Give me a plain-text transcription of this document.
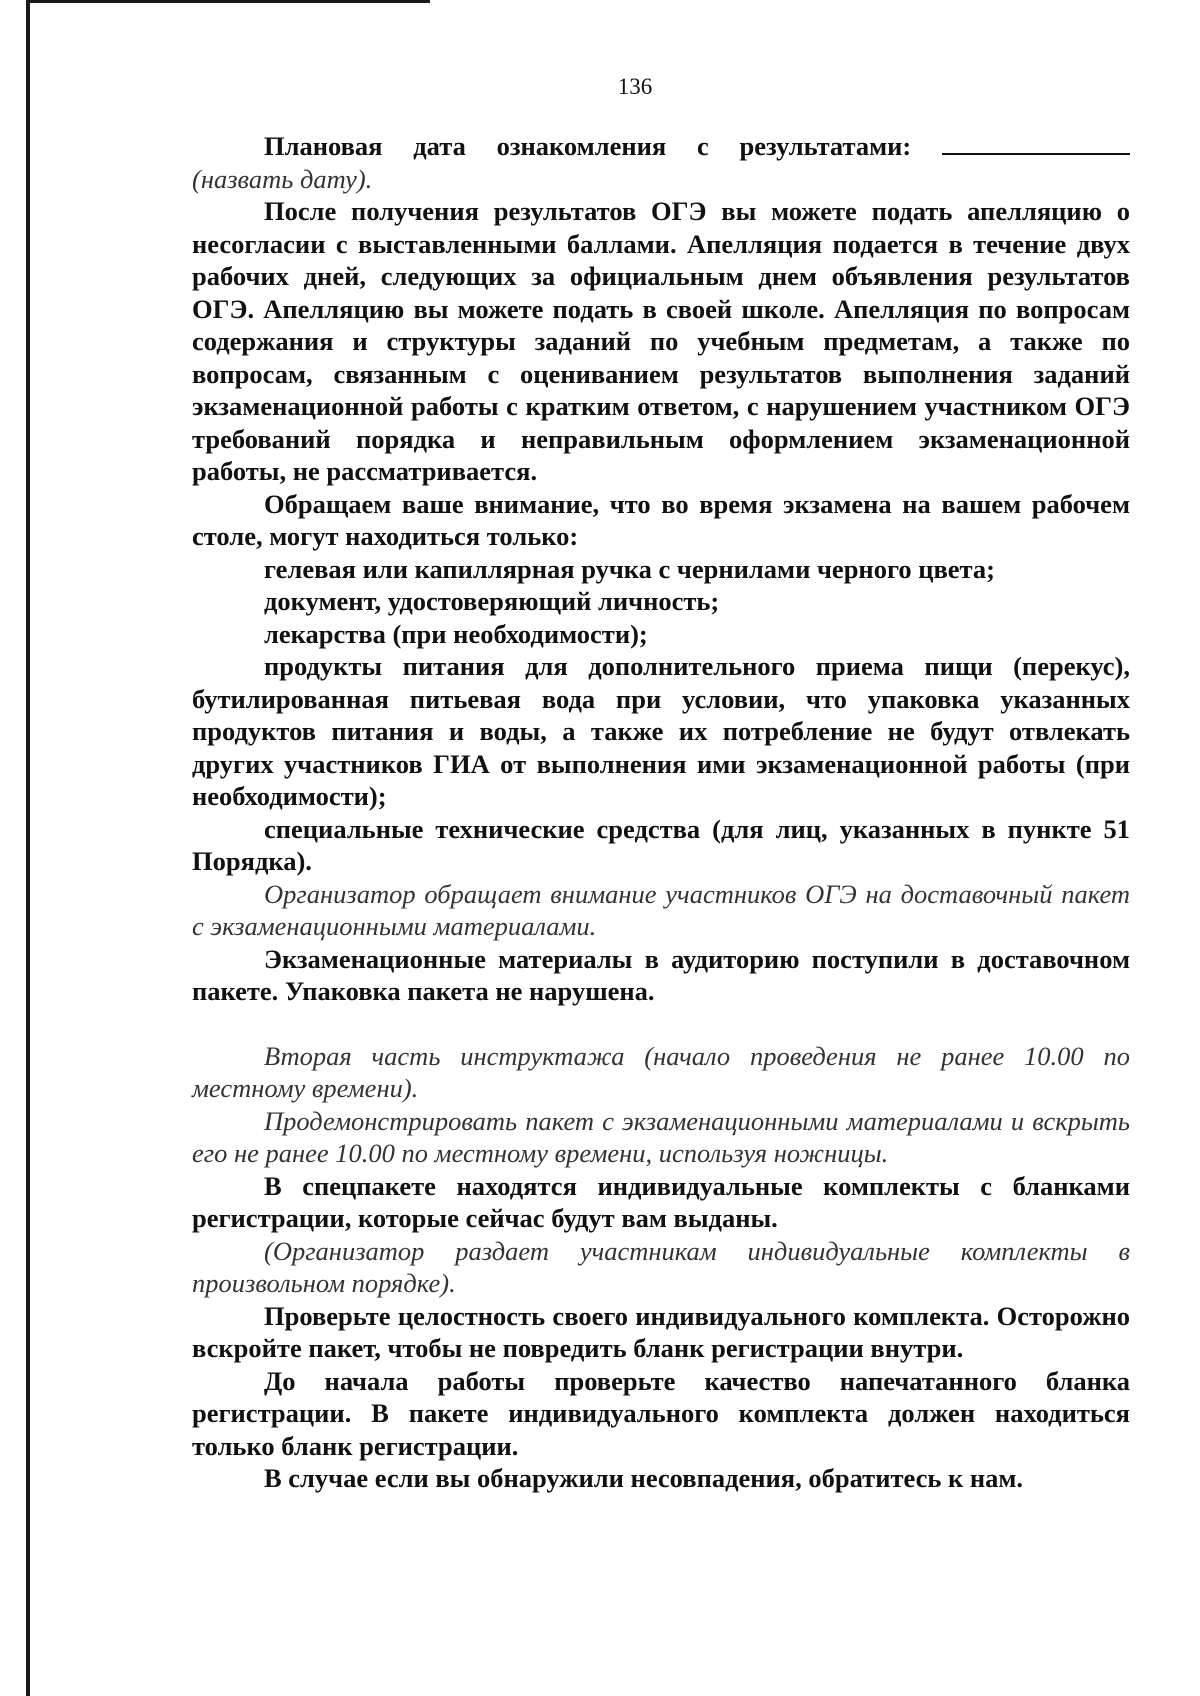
136

Плановая дата ознакомления с результатами:

(назвать дату).

После получения результатов ОГЭ вы можете подать апелляцию о несогласии с выставленными баллами. Апелляция подается в течение двух рабочих дней, следующих за официальным днем объявления результатов ОГЭ. Апелляцию вы можете подать в своей школе. Апелляция по вопросам содержания и структуры заданий по учебным предметам, а также по вопросам, связанным с оцениванием результатов выполнения заданий экзаменационной работы с кратким ответом, с нарушением участником ОГЭ требований порядка и неправильным оформлением экзаменационной работы, не рассматривается.

Обращаем ваше внимание, что во время экзамена на вашем рабочем столе, могут находиться только:

гелевая или капиллярная ручка с чернилами черного цвета;

документ, удостоверяющий личность;

лекарства (при необходимости);

продукты питания для дополнительного приема пищи (перекус), бутилированная питьевая вода при условии, что упаковка указанных продуктов питания и воды, а также их потребление не будут отвлекать других участников ГИА от выполнения ими экзаменационной работы (при необходимости);

специальные технические средства (для лиц, указанных в пункте 51 Порядка).

Организатор обращает внимание участников ОГЭ на доставочный пакет с экзаменационными материалами.

Экзаменационные материалы в аудиторию поступили в доставочном пакете. Упаковка пакета не нарушена.

Вторая часть инструктажа (начало проведения не ранее 10.00 по местному времени).

Продемонстрировать пакет с экзаменационными материалами и вскрыть его не ранее 10.00 по местному времени, используя ножницы.

В спецпакете находятся индивидуальные комплекты с бланками регистрации, которые сейчас будут вам выданы.

(Организатор раздает участникам индивидуальные комплекты в произвольном порядке).

Проверьте целостность своего индивидуального комплекта. Осторожно вскройте пакет, чтобы не повредить бланк регистрации внутри.

До начала работы проверьте качество напечатанного бланка регистрации. В пакете индивидуального комплекта должен находиться только бланк регистрации.

В случае если вы обнаружили несовпадения, обратитесь к нам.
